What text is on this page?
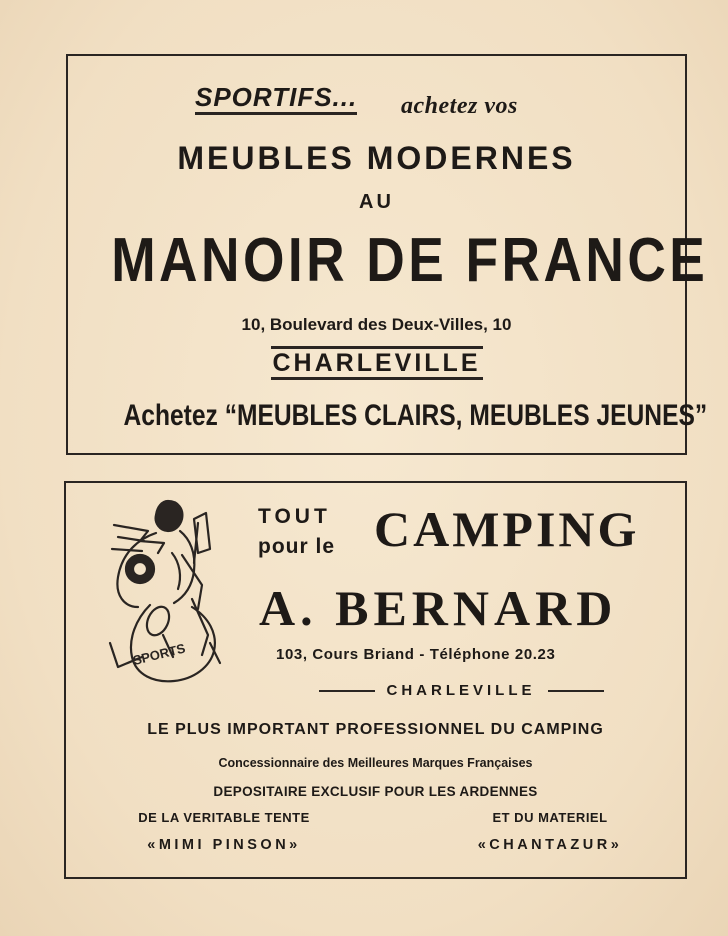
SPORTIFS... achetez vos
MEUBLES MODERNES
AU
MANOIR DE FRANCE
10, Boulevard des Deux-Villes, 10
CHARLEVILLE
Achetez “MEUBLES CLAIRS, MEUBLES JEUNES”
SPORTS
TOUT
pour le CAMPING
A. BERNARD
103, Cours Briand - Téléphone 20.23
CHARLEVILLE
LE PLUS IMPORTANT PROFESSIONNEL DU CAMPING
Concessionnaire des Meilleures Marques Françaises
DEPOSITAIRE EXCLUSIF POUR LES ARDENNES
DE LA VERITABLE TENTE
«MIMI PINSON»
ET DU MATERIEL
«CHANTAZUR»
